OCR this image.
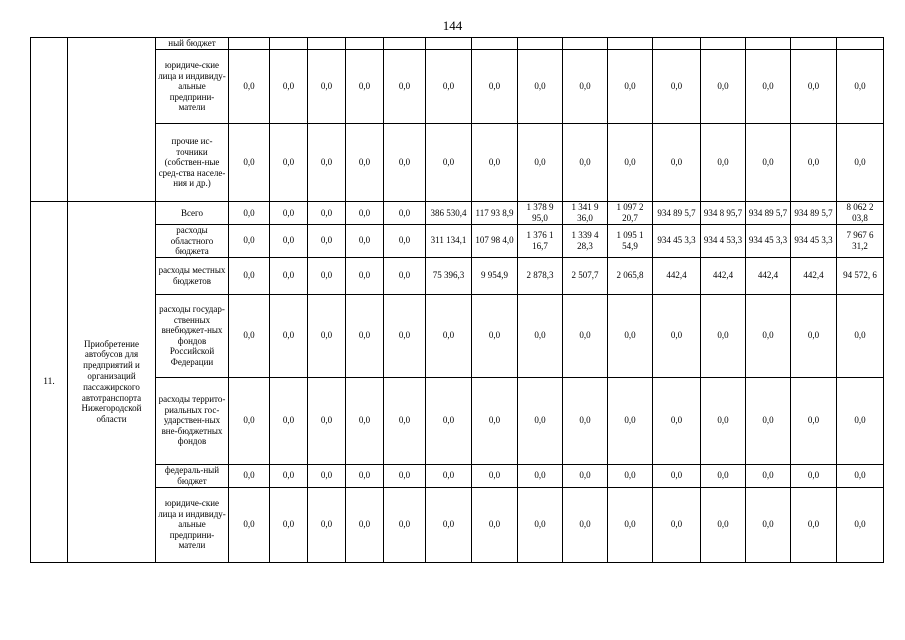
144
		ный бюджет																
		юридиче-ские лица и индивиду-альные предприни-матели	0,0	0,0	0,0	0,0	0,0	0,0	0,0	0,0	0,0	0,0	0,0	0,0	0,0	0,0	0,0	
		прочие ис-точники (собствен-ные сред-ства населе-ния и др.)	0,0	0,0	0,0	0,0	0,0	0,0	0,0	0,0	0,0	0,0	0,0	0,0	0,0	0,0	0,0	
11.	Приобретение автобусов для предприятий и организаций пассажирского автотранспорта Нижегородской области	Всего	0,0	0,0	0,0	0,0	0,0	386 530,4	117 93 8,9	1 378 9 95,0	1 341 9 36,0	1 097 2 20,7	934 89 5,7	934 8 95,7	934 89 5,7	934 89 5,7	8 062 2 03,8	
		расходы областного бюджета	0,0	0,0	0,0	0,0	0,0	311 134,1	107 98 4,0	1 376 1 16,7	1 339 4 28,3	1 095 1 54,9	934 45 3,3	934 4 53,3	934 45 3,3	934 45 3,3	7 967 6 31,2	
		расходы местных бюджетов	0,0	0,0	0,0	0,0	0,0	75 396,3	9 954,9	2 878,3	2 507,7	2 065,8	442,4	442,4	442,4	442,4	94 572, 6	
		расходы государ-ственных внебюджет-ных фондов Российской Федерации	0,0	0,0	0,0	0,0	0,0	0,0	0,0	0,0	0,0	0,0	0,0	0,0	0,0	0,0	0,0	
		расходы террито-риальных гос-ударствен-ных вне-бюджетных фондов	0,0	0,0	0,0	0,0	0,0	0,0	0,0	0,0	0,0	0,0	0,0	0,0	0,0	0,0	0,0	
		федераль-ный бюджет	0,0	0,0	0,0	0,0	0,0	0,0	0,0	0,0	0,0	0,0	0,0	0,0	0,0	0,0	0,0	
		юридиче-ские лица и индивиду-альные предприни-матели	0,0	0,0	0,0	0,0	0,0	0,0	0,0	0,0	0,0	0,0	0,0	0,0	0,0	0,0	0,0	
